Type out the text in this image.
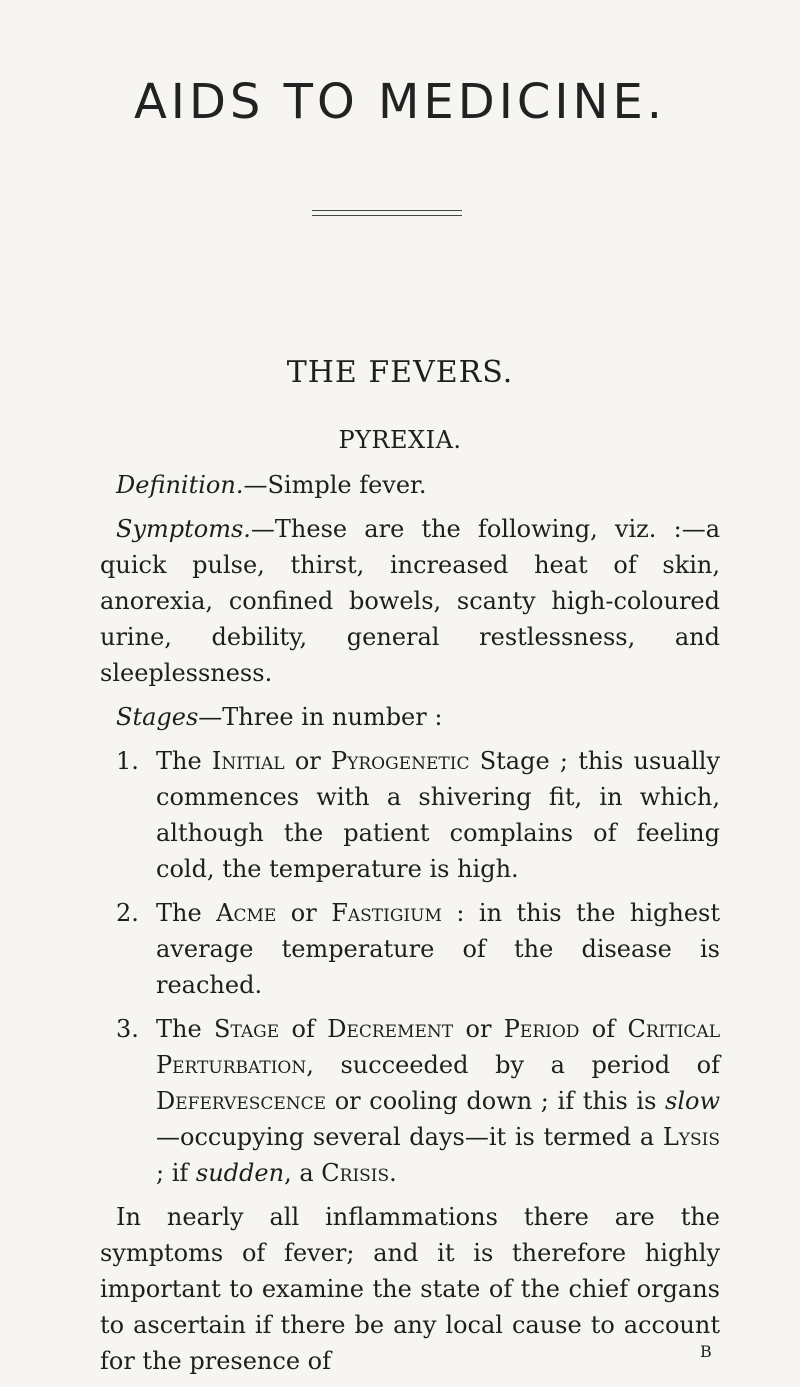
AIDS TO MEDICINE.
THE FEVERS.
PYREXIA.

Definition.—Simple fever.

Symptoms.—These are the following, viz. :—a quick pulse, thirst, increased heat of skin, anorexia, confined bowels, scanty high-coloured urine, debility, general restlessness, and sleeplessness.

Stages—Three in number :

1. The Initial or Pyrogenetic Stage ; this usually commences with a shivering fit, in which, although the patient complains of feeling cold, the temperature is high.
2. The Acme or Fastigium : in this the highest average temperature of the disease is reached.
3. The Stage of Decrement or Period of Critical Perturbation, succeeded by a period of Defervescence or cooling down ; if this is slow—occupying several days—it is termed a Lysis ; if sudden, a Crisis.

In nearly all inflammations there are the symptoms of fever; and it is therefore highly important to examine the state of the chief organs to ascertain if there be any local cause to account for the presence of	B
